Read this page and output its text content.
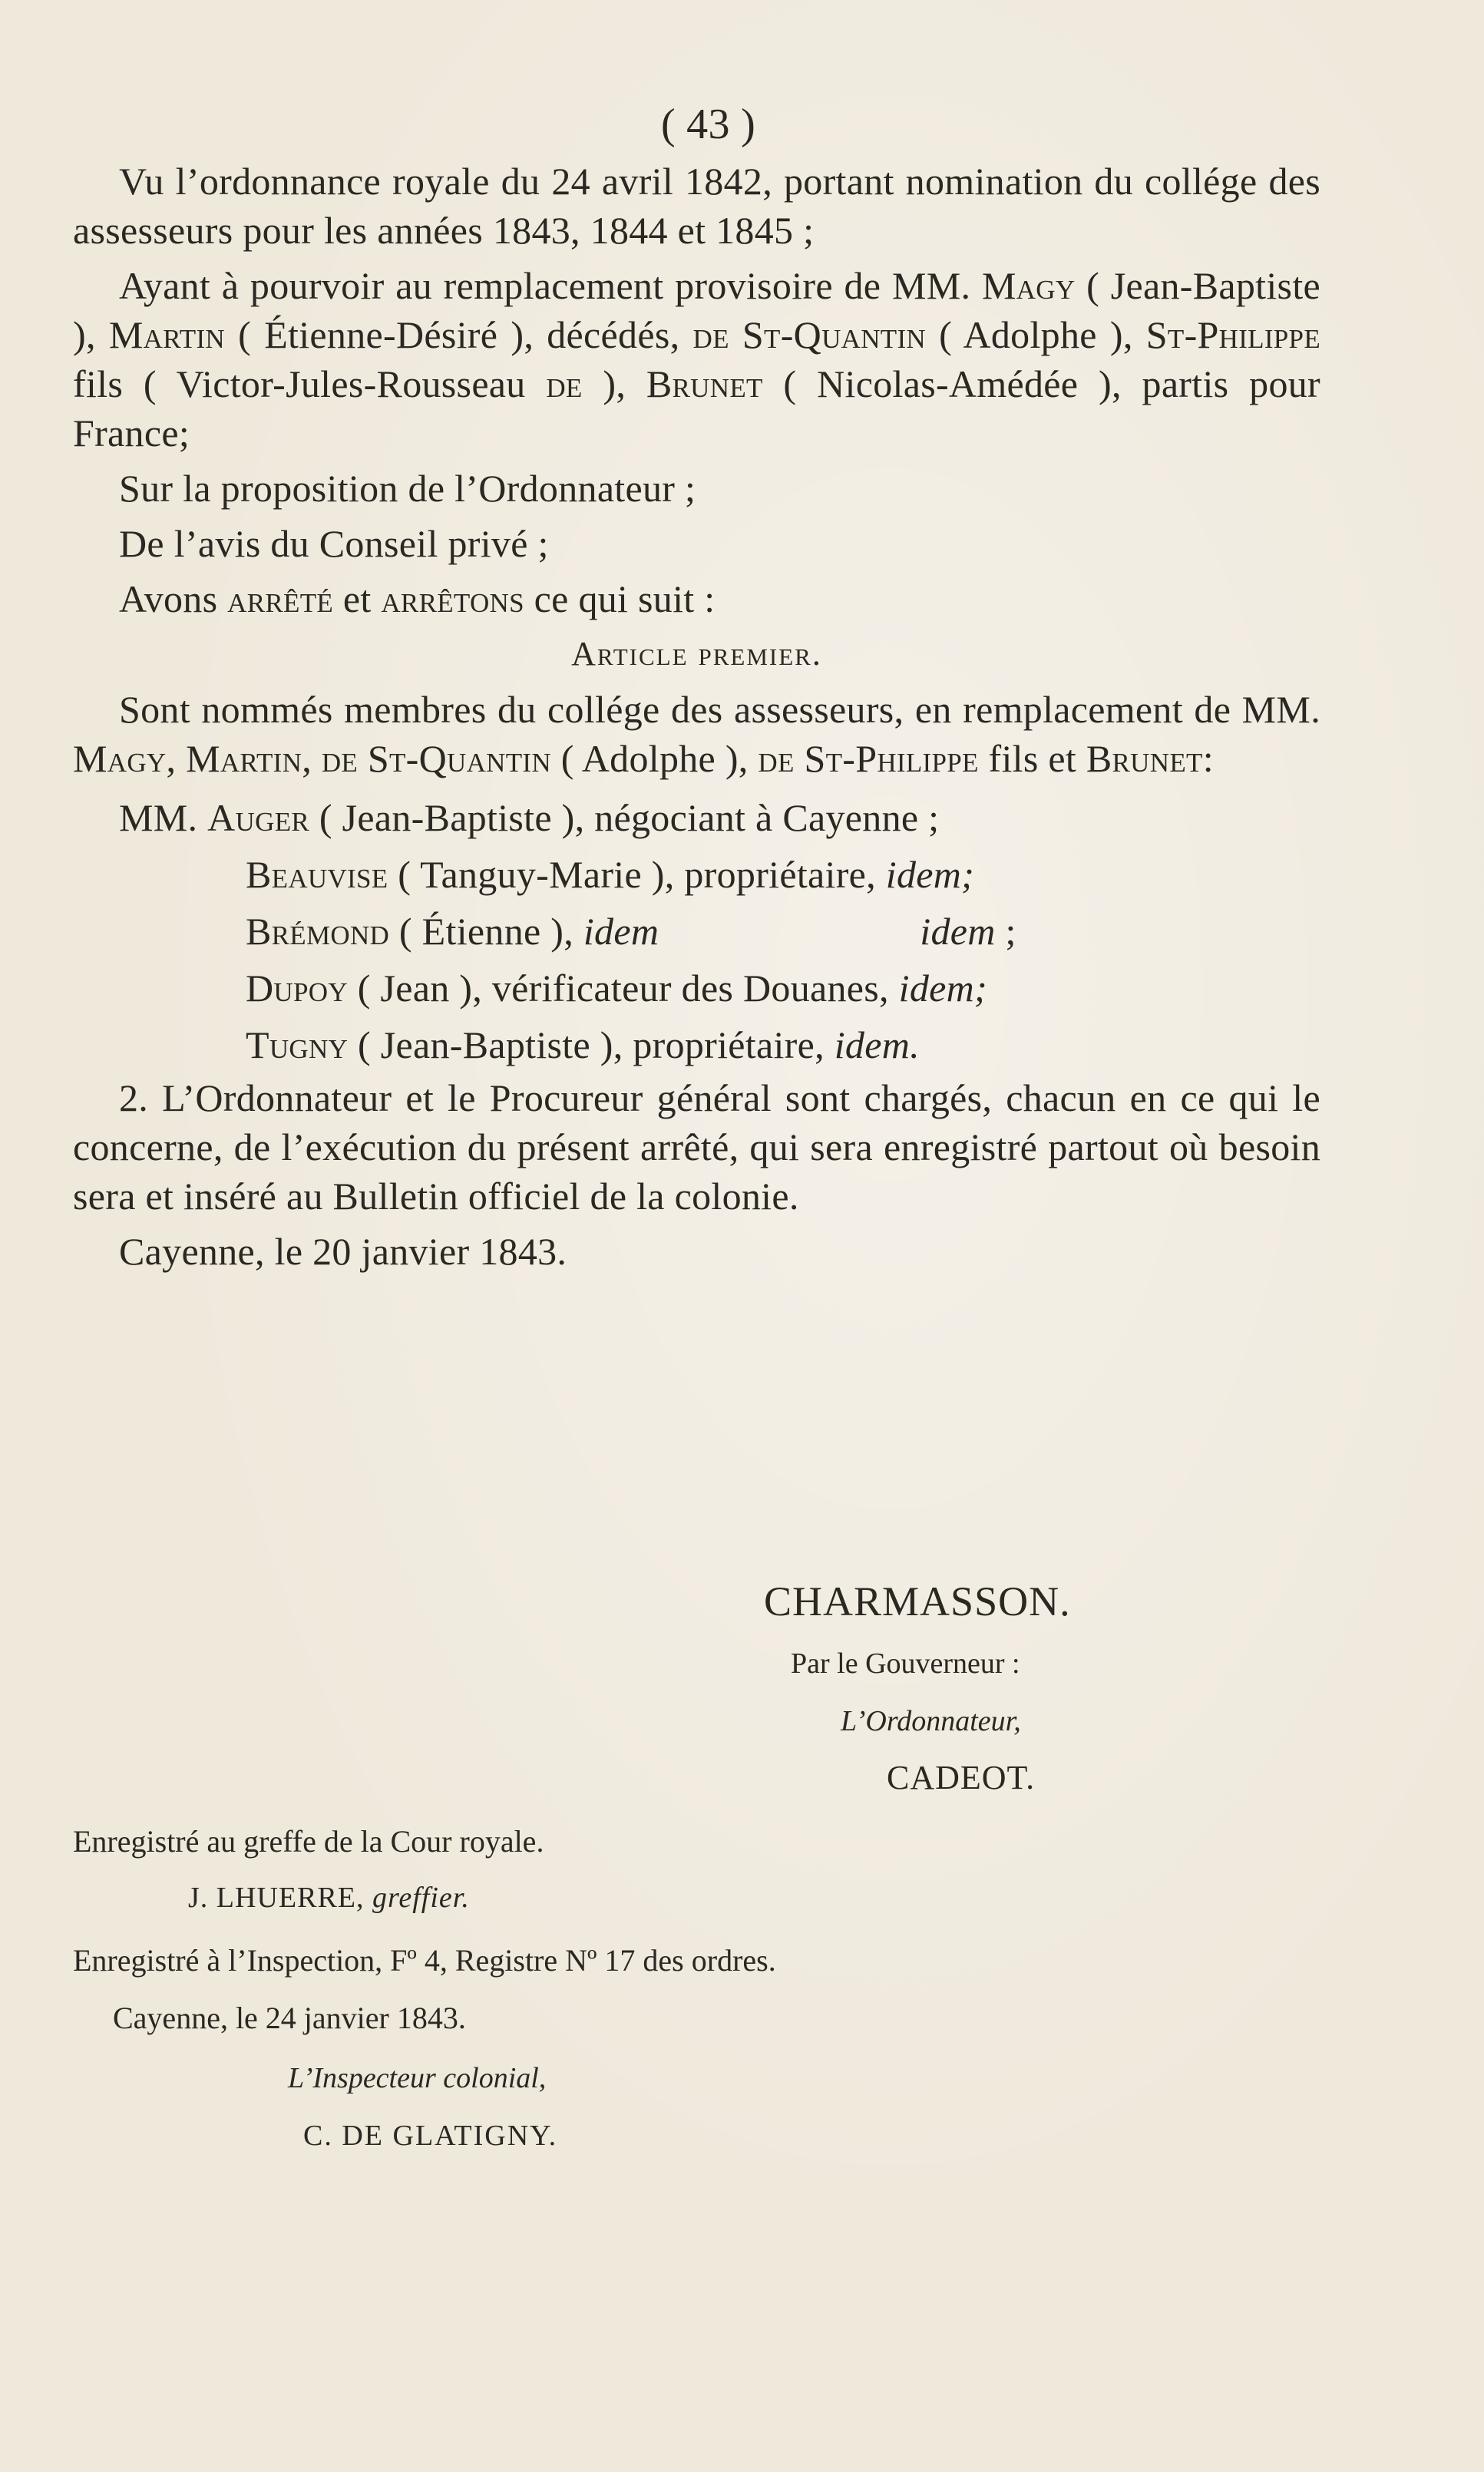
( 43 )

Vu l’ordonnance royale du 24 avril 1842, portant nomination du collége des assesseurs pour les années 1843, 1844 et 1845 ;

Ayant à pourvoir au remplacement provisoire de MM. Magy ( Jean-Baptiste ), Martin ( Étienne-Désiré ), décédés, de St-Quantin ( Adolphe ), St-Philippe fils ( Victor-Jules-Rousseau de ), Brunet ( Nicolas-Amédée ), partis pour France;

Sur la proposition de l’Ordonnateur ;

De l’avis du Conseil privé ;

Avons arrêté et arrêtons ce qui suit :

Article premier.

Sont nommés membres du collége des assesseurs, en remplacement de MM. Magy, Martin, de St-Quantin ( Adolphe ), de St-Philippe fils et Brunet:

MM. Auger ( Jean-Baptiste ), négociant à Cayenne ;

Beauvise ( Tanguy-Marie ), propriétaire, idem;

Brémond ( Étienne ), idem	idem ;

Dupoy ( Jean ), vérificateur des Douanes, idem;

Tugny ( Jean-Baptiste ), propriétaire, idem.

2. L’Ordonnateur et le Procureur général sont chargés, chacun en ce qui le concerne, de l’exécution du présent arrêté, qui sera enregistré partout où besoin sera et inséré au Bulletin officiel de la colonie.

Cayenne, le 20 janvier 1843.

CHARMASSON.
Par le Gouverneur :
L’Ordonnateur,
CADEOT.
Enregistré au greffe de la Cour royale.
J. LHUERRE, greffier.
Enregistré à l’Inspection, Fº 4, Registre Nº 17 des ordres.
Cayenne, le 24 janvier 1843.
L’Inspecteur colonial,
C. DE GLATIGNY.
